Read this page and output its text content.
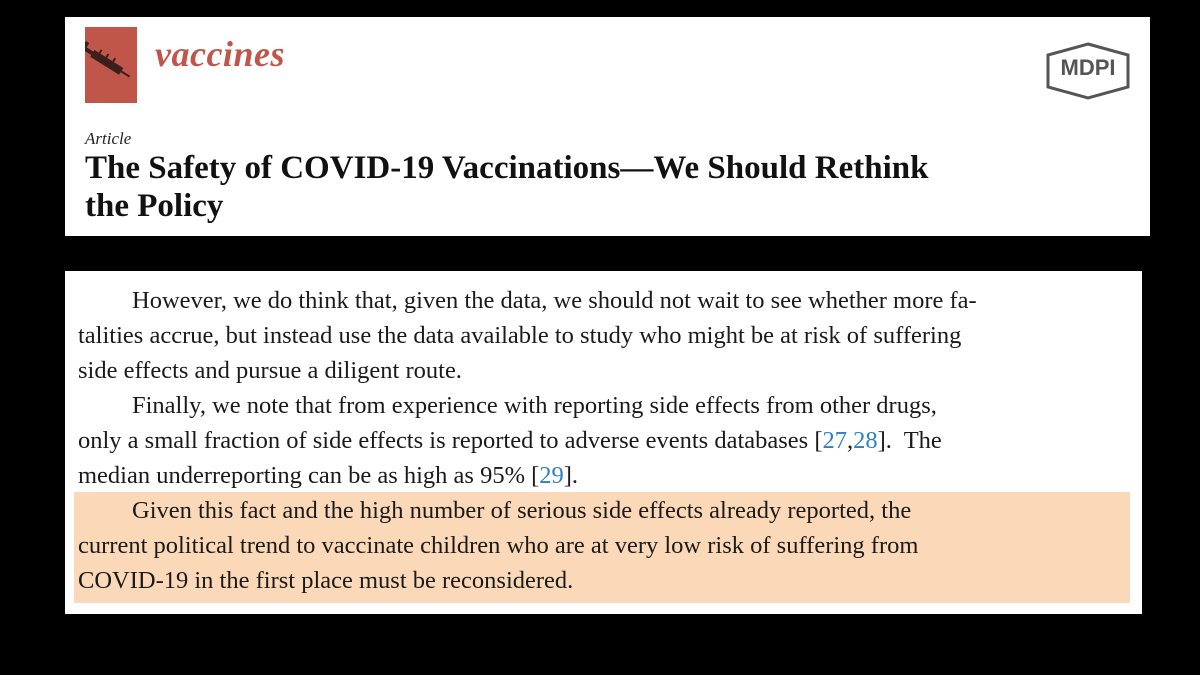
vaccines	MDPI
Article
The Safety of COVID-19 Vaccinations—We Should Rethink
the Policy
However, we do think that, given the data, we should not wait to see whether more fa-
talities accrue, but instead use the data available to study who might be at risk of suffering
side effects and pursue a diligent route.
Finally, we note that from experience with reporting side effects from other drugs,
only a small fraction of side effects is reported to adverse events databases [27,28].  The
median underreporting can be as high as 95% [29].
Given this fact and the high number of serious side effects already reported, the
current political trend to vaccinate children who are at very low risk of suffering from
COVID-19 in the first place must be reconsidered.
